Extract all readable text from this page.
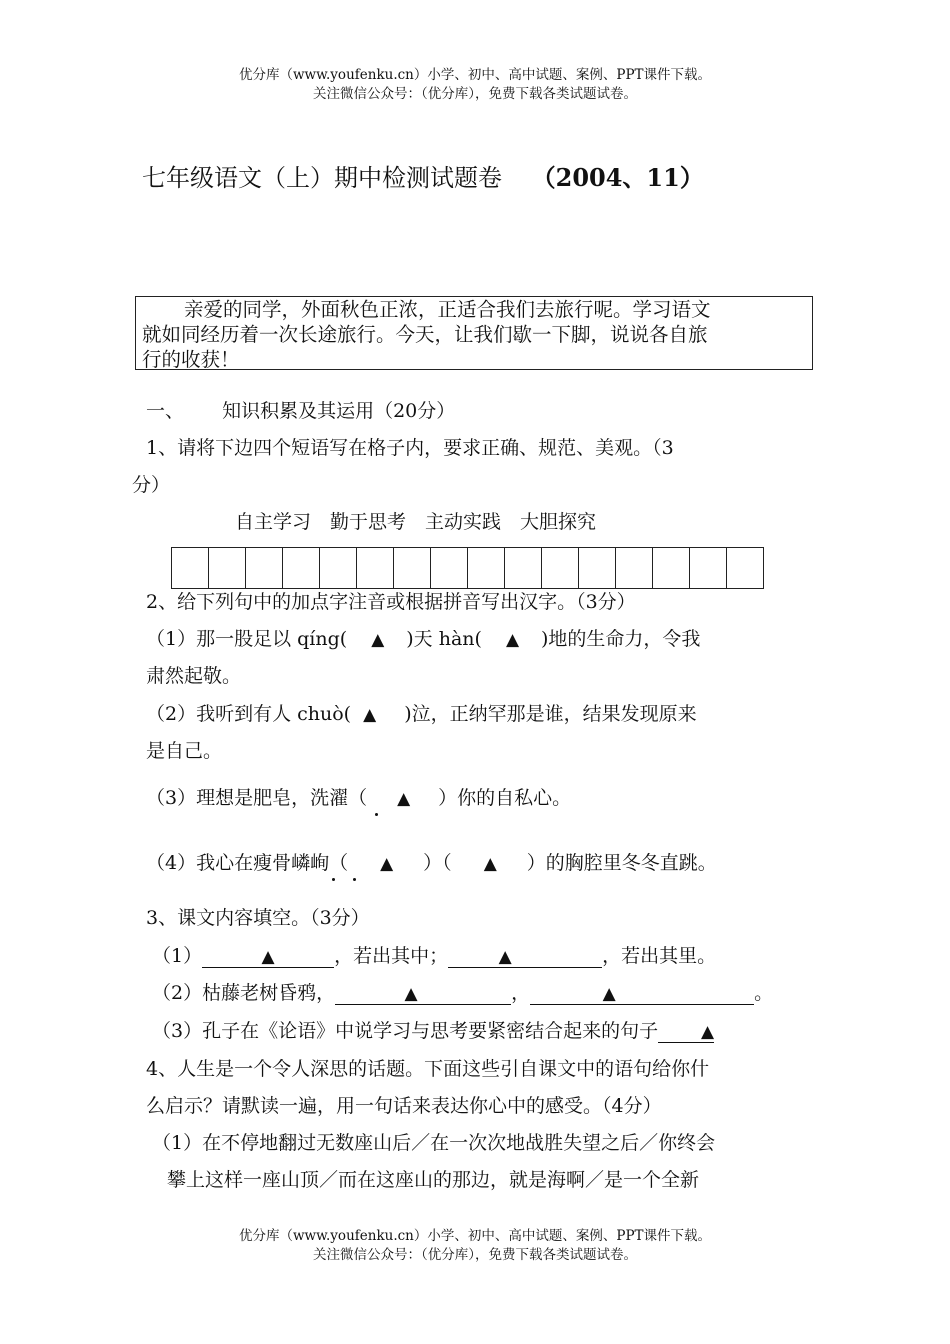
优分库（www.youfenku.cn）小学、初中、高中试题、案例、PPT课件下载。
关注微信公众号：（优分库），免费下载各类试题试卷。
七年级语文（上）期中检测试题卷 （2004、11）
亲爱的同学，外面秋色正浓，正适合我们去旅行呢。学习语文
就如同经历着一次长途旅行。今天，让我们歇一下脚，说说各自旅
行的收获！
一、 知识积累及其运用（20分）
1、请将下边四个短语写在格子内，要求正确、规范、美观。（3
分）
自主学习　勤于思考　主动实践　大胆探究
2、给下列句中的加点字注音或根据拼音写出汉字。（3分）
（1）那一股足以 qíng( ▲ )天 hàn( ▲ )地的生命力，令我
肃然起敬。
（2）我听到有人 chuò( ▲ )泣，正纳罕那是谁，结果发现原来
是自己。
（3）理想是肥皂，洗濯（ ▲ ）你的自私心。
（4）我心在瘦骨嶙峋（ ▲ ）（ ▲ ）的胸腔里冬冬直跳。
3、课文内容填空。（3分）
（1）	▲	，若出其中；	▲	，若出其里。
（2）枯藤老树昏鸦，	▲	，	▲	。
（3）孔子在《论语》中说学习与思考要紧密结合起来的句子	▲
4、人生是一个令人深思的话题。下面这些引自课文中的语句给你什
么启示？请默读一遍，用一句话来表达你心中的感受。（4分）
（1）在不停地翻过无数座山后／在一次次地战胜失望之后／你终会
攀上这样一座山顶／而在这座山的那边，就是海啊／是一个全新
优分库（www.youfenku.cn）小学、初中、高中试题、案例、PPT课件下载。
关注微信公众号：（优分库），免费下载各类试题试卷。
